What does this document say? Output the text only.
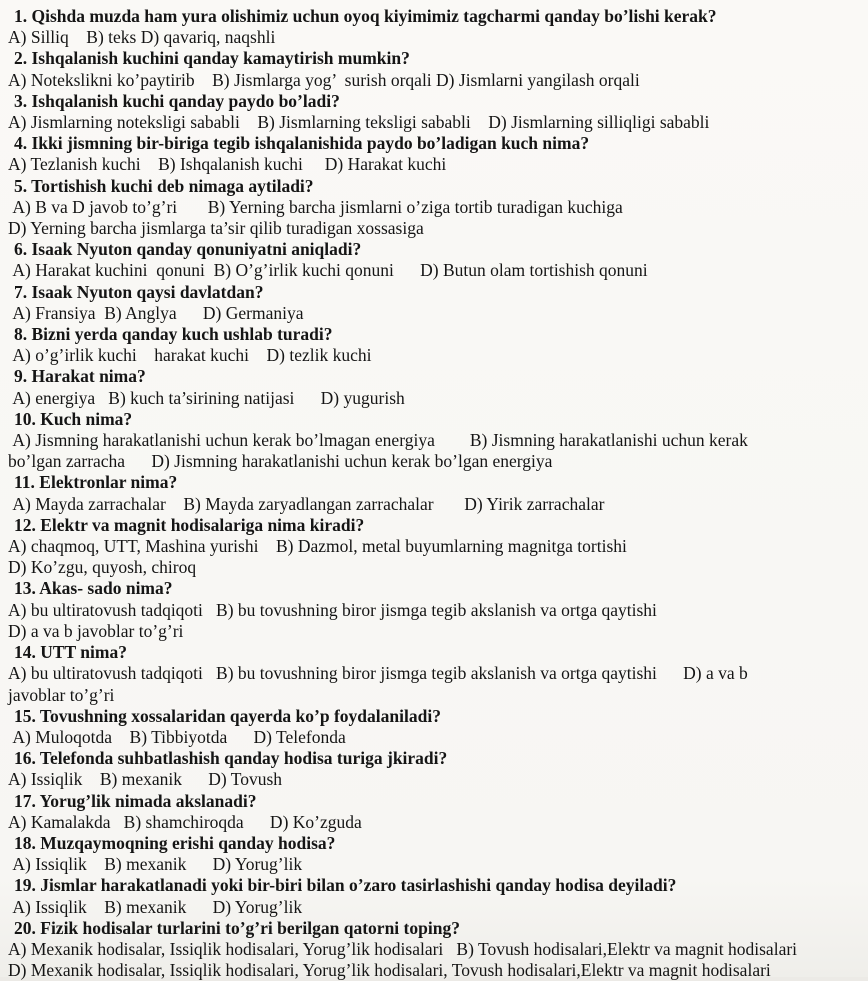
1. Qishda muzda ham yura olishimiz uchun oyoq kiyimimiz tagcharmi qanday bo’lishi kerak?
A) Silliq    B) teks D) qavariq, naqshli
2. Ishqalanish kuchini qanday kamaytirish mumkin?
A) Notekslikni ko’paytirib    B) Jismlarga yog’  surish orqali D) Jismlarni yangilash orqali
3. Ishqalanish kuchi qanday paydo bo’ladi?
A) Jismlarning noteksligi sababli    B) Jismlarning teksligi sababli    D) Jismlarning silliqligi sababli
4. Ikki jismning bir-biriga tegib ishqalanishida paydo bo’ladigan kuch nima?
A) Tezlanish kuchi    B) Ishqalanish kuchi     D) Harakat kuchi
5. Tortishish kuchi deb nimaga aytiladi?
A) B va D javob to’g’ri       B) Yerning barcha jismlarni o’ziga tortib turadigan kuchiga
D) Yerning barcha jismlarga ta’sir qilib turadigan xossasiga
6. Isaak Nyuton qanday qonuniyatni aniqladi?
A) Harakat kuchini  qonuni  B) O’g’irlik kuchi qonuni      D) Butun olam tortishish qonuni
7. Isaak Nyuton qaysi davlatdan?
A) Fransiya  B) Anglya      D) Germaniya
8. Bizni yerda qanday kuch ushlab turadi?
A) o’g’irlik kuchi    harakat kuchi    D) tezlik kuchi
9. Harakat nima?
A) energiya   B) kuch ta’sirining natijasi      D) yugurish
10. Kuch nima?
A) Jismning harakatlanishi uchun kerak bo’lmagan energiya        B) Jismning harakatlanishi uchun kerak
bo’lgan zarracha      D) Jismning harakatlanishi uchun kerak bo’lgan energiya
11. Elektronlar nima?
A) Mayda zarrachalar    B) Mayda zaryadlangan zarrachalar       D) Yirik zarrachalar
12. Elektr va magnit hodisalariga nima kiradi?
A) chaqmoq, UTT, Mashina yurishi    B) Dazmol, metal buyumlarning magnitga tortishi
D) Ko’zgu, quyosh, chiroq
13. Akas- sado nima?
A) bu ultiratovush tadqiqoti   B) bu tovushning biror jismga tegib akslanish va ortga qaytishi
D) a va b javoblar to’g’ri
14. UTT nima?
A) bu ultiratovush tadqiqoti   B) bu tovushning biror jismga tegib akslanish va ortga qaytishi      D) a va b
javoblar to’g’ri
15. Tovushning xossalaridan qayerda ko’p foydalaniladi?
A) Muloqotda    B) Tibbiyotda      D) Telefonda
16. Telefonda suhbatlashish qanday hodisa turiga jkiradi?
A) Issiqlik    B) mexanik      D) Tovush
17. Yorug’lik nimada akslanadi?
A) Kamalakda   B) shamchiroqda      D) Ko’zguda
18. Muzqaymoqning erishi qanday hodisa?
A) Issiqlik    B) mexanik      D) Yorug’lik
19. Jismlar harakatlanadi yoki bir-biri bilan o’zaro tasirlashishi qanday hodisa deyiladi?
A) Issiqlik    B) mexanik      D) Yorug’lik
20. Fizik hodisalar turlarini to’g’ri berilgan qatorni toping?
A) Mexanik hodisalar, Issiqlik hodisalari, Yorug’lik hodisalari   B) Tovush hodisalari,Elektr va magnit hodisalari
D) Mexanik hodisalar, Issiqlik hodisalari, Yorug’lik hodisalari, Tovush hodisalari,Elektr va magnit hodisalari
